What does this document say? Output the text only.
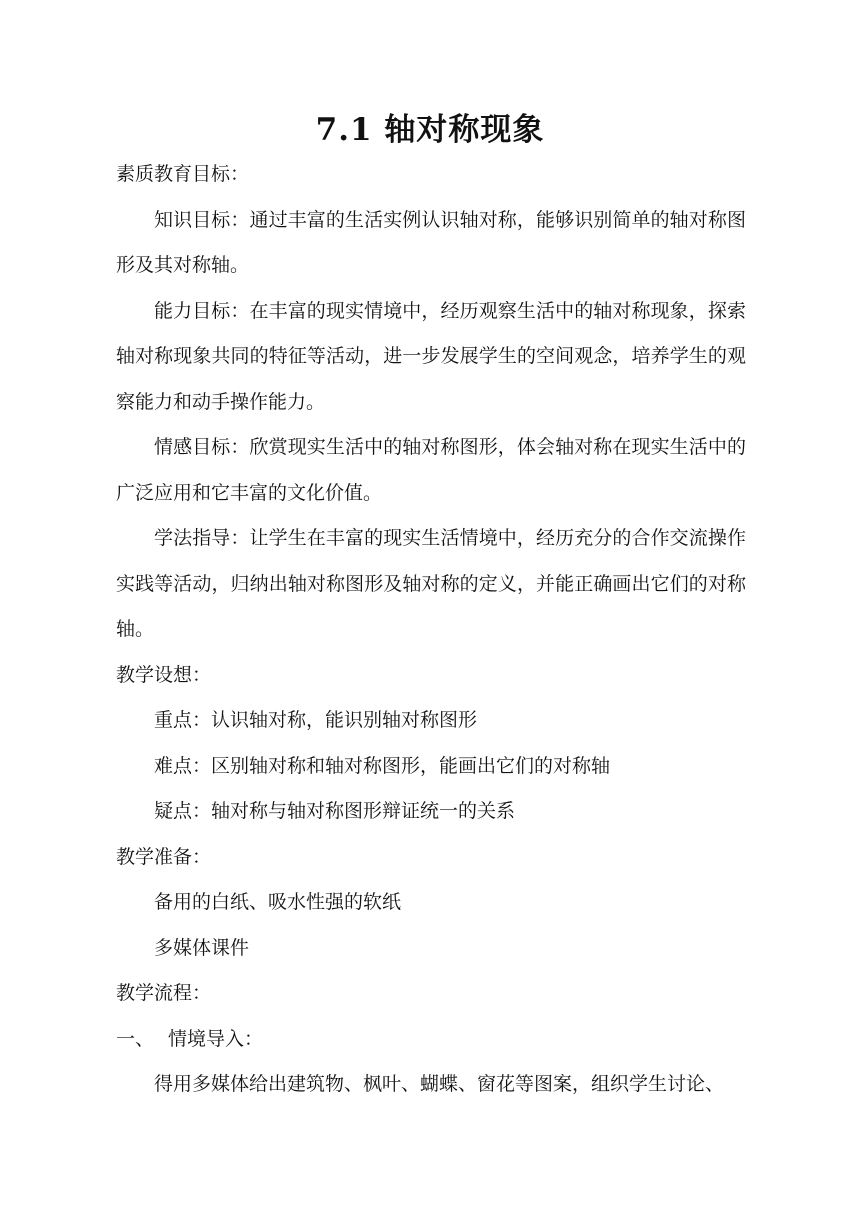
7.1 轴对称现象

素质教育目标：

知识目标：通过丰富的生活实例认识轴对称，能够识别简单的轴对称图形及其对称轴。

能力目标：在丰富的现实情境中，经历观察生活中的轴对称现象，探索轴对称现象共同的特征等活动，进一步发展学生的空间观念，培养学生的观察能力和动手操作能力。

情感目标：欣赏现实生活中的轴对称图形，体会轴对称在现实生活中的广泛应用和它丰富的文化价值。

学法指导：让学生在丰富的现实生活情境中，经历充分的合作交流操作实践等活动，归纳出轴对称图形及轴对称的定义，并能正确画出它们的对称轴。

教学设想：

重点：认识轴对称，能识别轴对称图形

难点：区别轴对称和轴对称图形，能画出它们的对称轴

疑点：轴对称与轴对称图形辩证统一的关系

教学准备：

备用的白纸、吸水性强的软纸

多媒体课件

教学流程：

一、 情境导入：

得用多媒体给出建筑物、枫叶、蝴蝶、窗花等图案，组织学生讨论、
